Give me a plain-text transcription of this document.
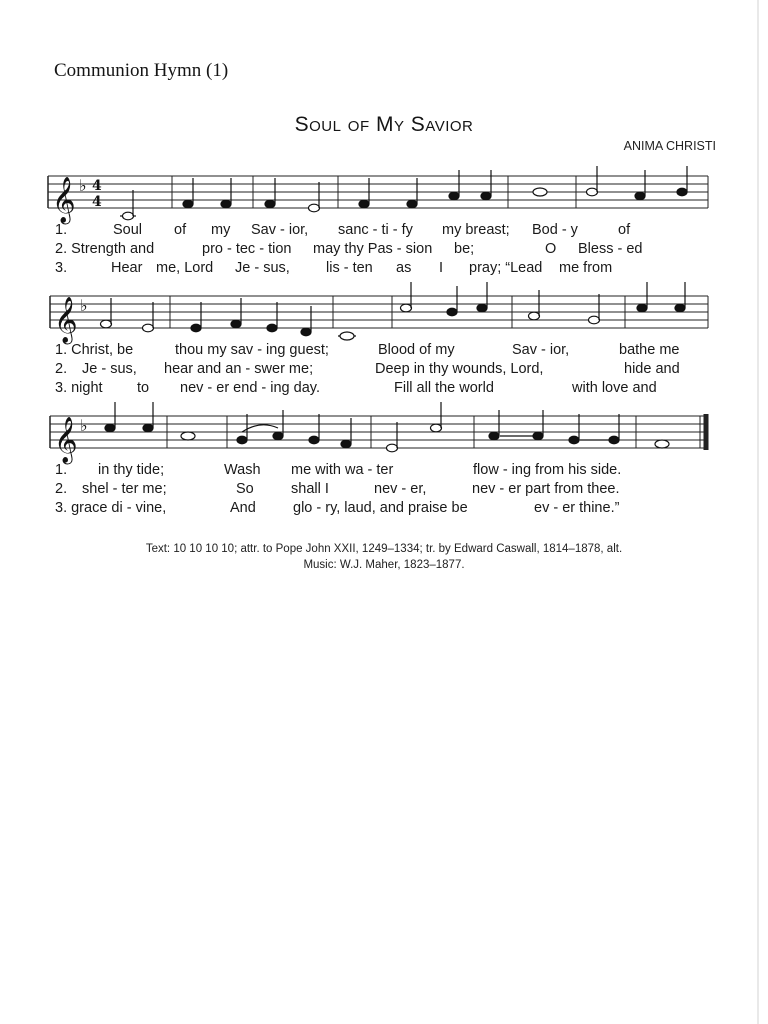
Communion Hymn (1)
Soul of My Savior
ANIMA CHRISTI
𝄞 ♭ 4
4
𝄞 ♭
𝄞 ♭
1.	Soul	of	my	Sav - ior,	sanc - ti - fy	my breast;	Bod - y	of
2. Strength and	pro - tec - tion	may thy Pas - sion	be;	O	Bless - ed
3.	Hear me, Lord	Je - sus,	lis - ten	as	I	pray; “Lead	me from
1. Christ, be	thou my sav - ing guest;	Blood of my	Sav - ior,	bathe me
2.	Je - sus,	hear and an - swer me;	Deep in thy wounds, Lord,	hide and
3. night	to	nev - er end - ing day.	Fill all the world	with love and
1.	in thy tide;	Wash	me with wa - ter	flow - ing from his side.
2.	shel - ter me;	So	shall I	nev - er,	nev - er part from thee.
3. grace di - vine,	And	glo - ry, laud, and praise be	ev - er thine.”
Text: 10 10 10 10; attr. to Pope John XXII, 1249–1334; tr. by Edward Caswall, 1814–1878, alt.
Music: W.J. Maher, 1823–1877.
